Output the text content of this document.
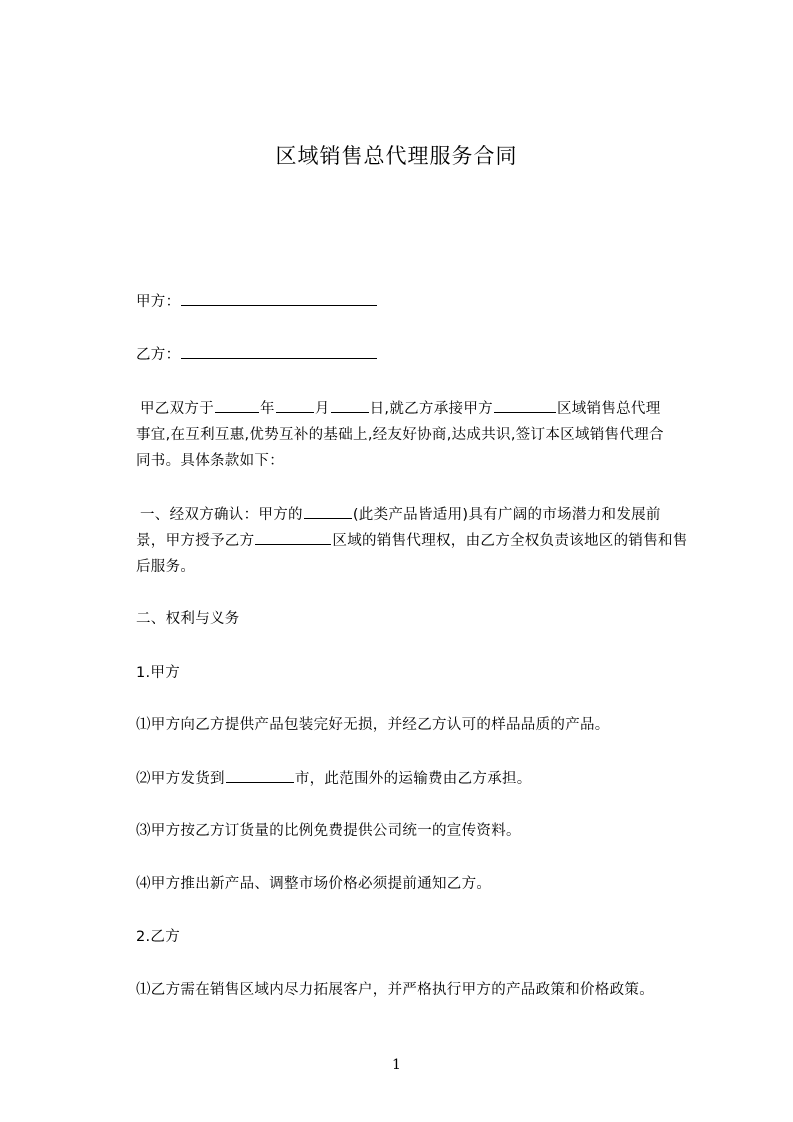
区域销售总代理服务合同
甲方：
乙方：
甲乙双方于	年	月	日,就乙方承接甲方	区域销售总代理
事宜,在互利互惠,优势互补的基础上,经友好协商,达成共识,签订本区域销售代理合
同书。具体条款如下：
一、经双方确认：甲方的	(此类产品皆适用)具有广阔的市场潜力和发展前
景，甲方授予乙方	区域的销售代理权，由乙方全权负责该地区的销售和售
后服务。
二、权利与义务
1.甲方
⑴甲方向乙方提供产品包装完好无损，并经乙方认可的样品品质的产品。
⑵甲方发货到	市，此范围外的运输费由乙方承担。
⑶甲方按乙方订货量的比例免费提供公司统一的宣传资料。
⑷甲方推出新产品、调整市场价格必须提前通知乙方。
2.乙方
⑴乙方需在销售区域内尽力拓展客户，并严格执行甲方的产品政策和价格政策。
1
